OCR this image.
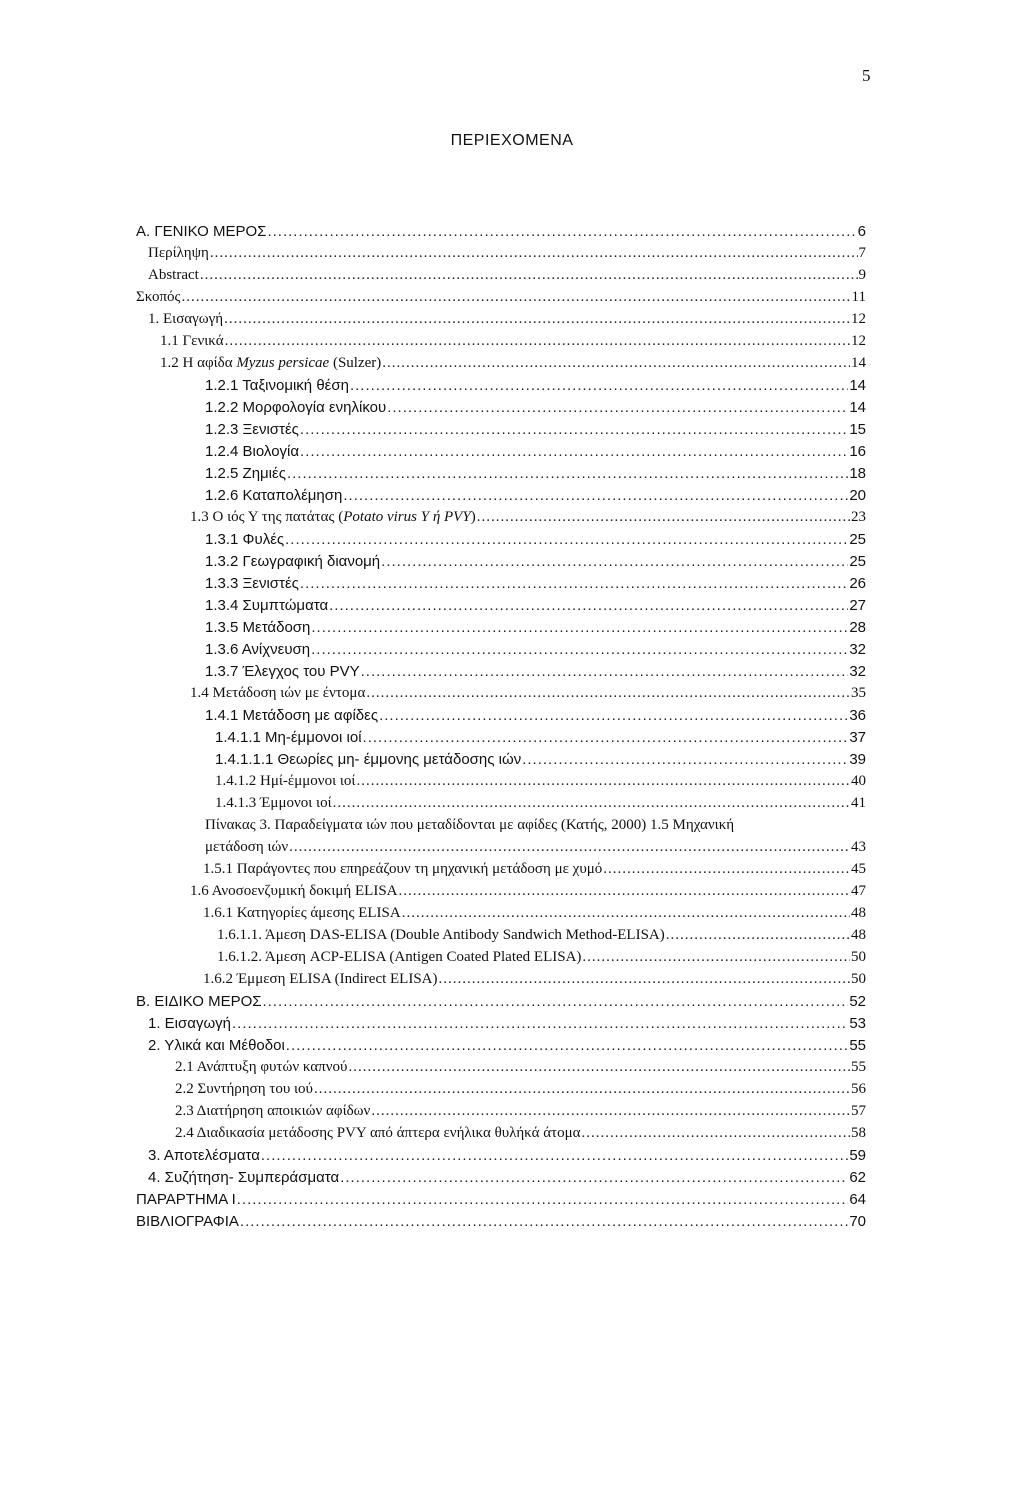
5
ΠΕΡΙΕΧΟΜΕΝΑ
Α. ΓΕΝΙΚΟ ΜΕΡΟΣ .....	6
Περίληψη .....	7
Abstract .....	9
Σκοπός .....	11
1. Εισαγωγή .....	12
1.1 Γενικά .....	12
1.2 Η αφίδα Myzus persicae (Sulzer) .....	14
1.2.1 Ταξινομική θέση .....	14
1.2.2 Μορφολογία ενηλίκου .....	14
1.2.3 Ξενιστές .....	15
1.2.4 Βιολογία .....	16
1.2.5 Ζημιές .....	18
1.2.6 Καταπολέμηση .....	20
1.3 Ο ιός Υ της πατάτας (Potato virus Y ή PVY) .....	23
1.3.1 Φυλές .....	25
1.3.2 Γεωγραφική διανομή .....	25
1.3.3 Ξενιστές .....	26
1.3.4 Συμπτώματα .....	27
1.3.5 Μετάδοση .....	28
1.3.6 Ανίχνευση .....	32
1.3.7 Έλεγχος του PVY .....	32
1.4 Μετάδοση ιών με έντομα .....	35
1.4.1 Μετάδοση με αφίδες .....	36
1.4.1.1 Μη-έμμονοι ιοί .....	37
1.4.1.1.1 Θεωρίες μη- έμμονης μετάδοσης ιών .....	39
1.4.1.2 Ημί-έμμονοι ιοί .....	40
1.4.1.3 Έμμονοι ιοί .....	41
Πίνακας 3. Παραδείγματα ιών που μεταδίδονται με αφίδες (Κατής, 2000) 1.5 Μηχανική
μετάδοση ιών .....	43
1.5.1 Παράγοντες που επηρεάζουν τη μηχανική μετάδοση με χυμό .....	45
1.6 Ανοσοενζυμική δοκιμή ELISA .....	47
1.6.1 Κατηγορίες άμεσης ELISA .....	48
1.6.1.1. Άμεση DAS-ELISA (Double Antibody Sandwich Method-ELISA) .....	48
1.6.1.2. Άμεση ACP-ELISA (Antigen Coated Plated ELISA) .....	50
1.6.2 Έμμεση ELISA (Indirect ELISA) .....	50
Β. ΕΙΔΙΚΟ ΜΕΡΟΣ .....	52
1. Εισαγωγή .....	53
2. Υλικά και Μέθοδοι .....	55
2.1 Ανάπτυξη φυτών καπνού .....	55
2.2 Συντήρηση του ιού .....	56
2.3 Διατήρηση αποικιών αφίδων .....	57
2.4 Διαδικασία μετάδοσης PVY από άπτερα ενήλικα θυλήκά άτομα .....	58
3. Αποτελέσματα .....	59
4. Συζήτηση- Συμπεράσματα .....	62
ΠΑΡΑΡΤΗΜΑ Ι .....	64
ΒΙΒΛΙΟΓΡΑΦΙΑ .....	70
